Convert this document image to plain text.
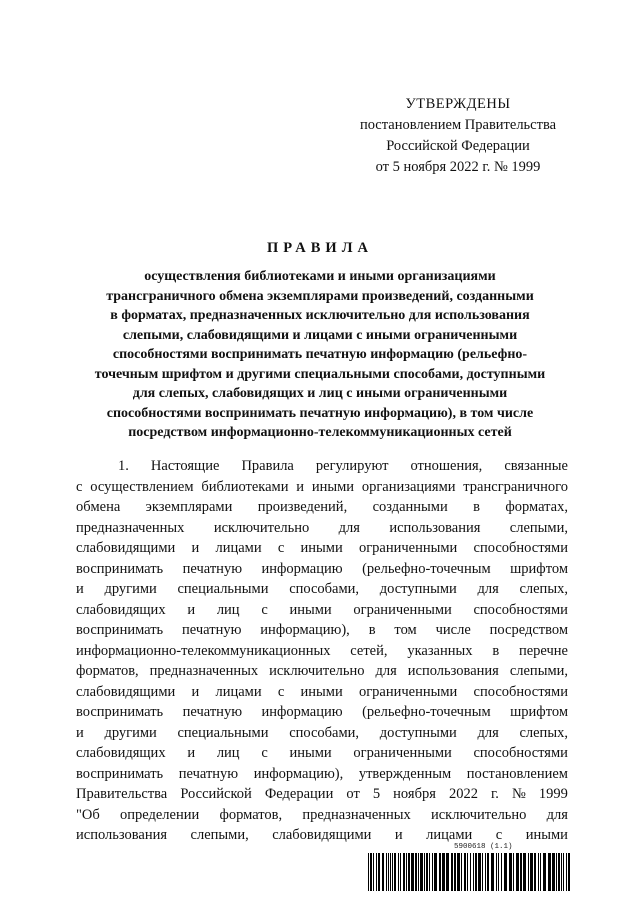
УТВЕРЖДЕНЫ
постановлением Правительства
Российской Федерации
от 5 ноября 2022 г. № 1999
ПРАВИЛА
осуществления библиотеками и иными организациями
трансграничного обмена экземплярами произведений, созданными
в форматах, предназначенных исключительно для использования
слепыми, слабовидящими и лицами с иными ограниченными
способностями воспринимать печатную информацию (рельефно-
точечным шрифтом и другими специальными способами, доступными
для слепых, слабовидящих и лиц с иными ограниченными
способностями воспринимать печатную информацию), в том числе
посредством информационно-телекоммуникационных сетей
1. Настоящие Правила регулируют отношения, связанные
с осуществлением библиотеками и иными организациями трансграничного
обмена экземплярами произведений, созданными в форматах,
предназначенных исключительно для использования слепыми,
слабовидящими и лицами с иными ограниченными способностями
воспринимать печатную информацию (рельефно-точечным шрифтом
и другими специальными способами, доступными для слепых,
слабовидящих и лиц с иными ограниченными способностями
воспринимать печатную информацию), в том числе посредством
информационно-телекоммуникационных сетей, указанных в перечне
форматов, предназначенных исключительно для использования слепыми,
слабовидящими и лицами с иными ограниченными способностями
воспринимать печатную информацию (рельефно-точечным шрифтом
и другими специальными способами, доступными для слепых,
слабовидящих и лиц с иными ограниченными способностями
воспринимать печатную информацию), утвержденным постановлением
Правительства Российской Федерации от 5 ноября 2022 г. № 1999
"Об определении форматов, предназначенных исключительно для
использования слепыми, слабовидящими и лицами с иными
5900618 (1.1)
